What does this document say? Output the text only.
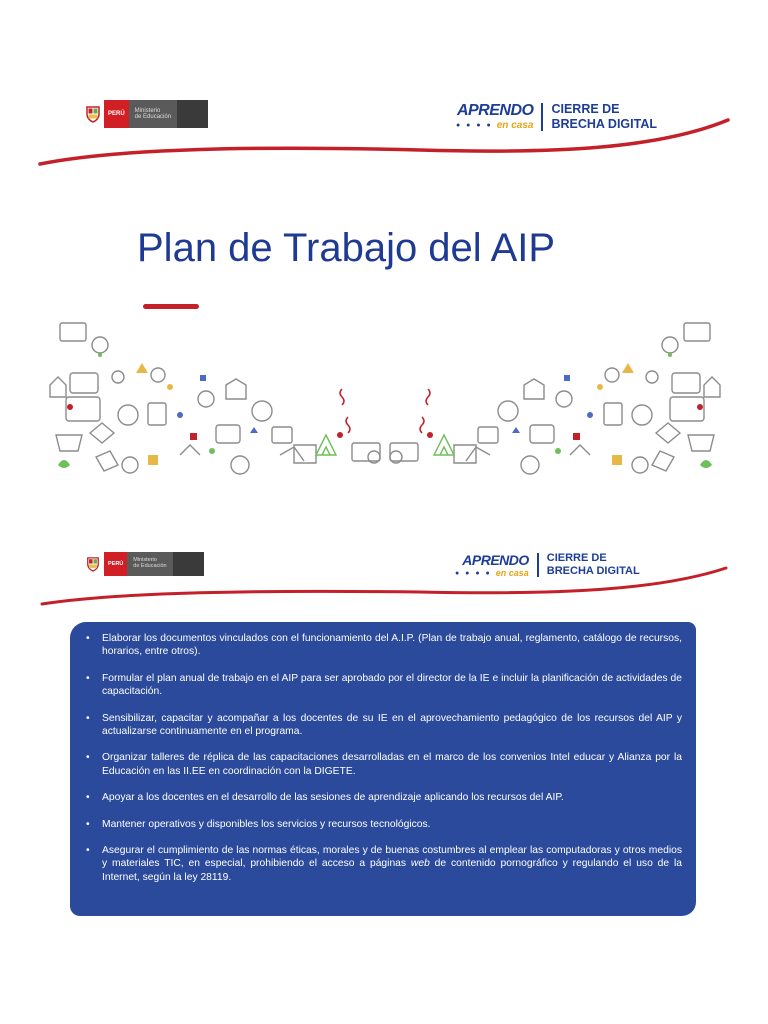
PERÚ
Ministerio
de Educación	APRENDO
● ● ● ● en casa
CIERRE DE
BRECHA DIGITAL
Plan de Trabajo del AIP
PERÚ
Ministerio
de Educación	APRENDO
● ● ● ● en casa
CIERRE DE
BRECHA DIGITAL
• Elaborar los documentos vinculados con el funcionamiento del A.I.P. (Plan de trabajo anual, reglamento, catálogo de recursos, horarios, entre otros).
• Formular el plan anual de trabajo en el AIP para ser aprobado por el director de la IE e incluir la planificación de actividades de capacitación.
• Sensibilizar, capacitar y acompañar a los docentes de su IE en el aprovechamiento pedagógico de los recursos del AIP y actualizarse continuamente en el programa.
• Organizar talleres de réplica de las capacitaciones desarrolladas en el marco de los convenios Intel educar y Alianza por la Educación en las II.EE en coordinación con la DIGETE.
• Apoyar a los docentes en el desarrollo de las sesiones de aprendizaje aplicando los recursos del AIP.
• Mantener operativos y disponibles los servicios y recursos tecnológicos.
• Asegurar el cumplimiento de las normas éticas, morales y de buenas costumbres al emplear las computadoras y otros medios y materiales TIC, en especial, prohibiendo el acceso a páginas web de contenido pornográfico y regulando el uso de la Internet, según la ley 28119.
